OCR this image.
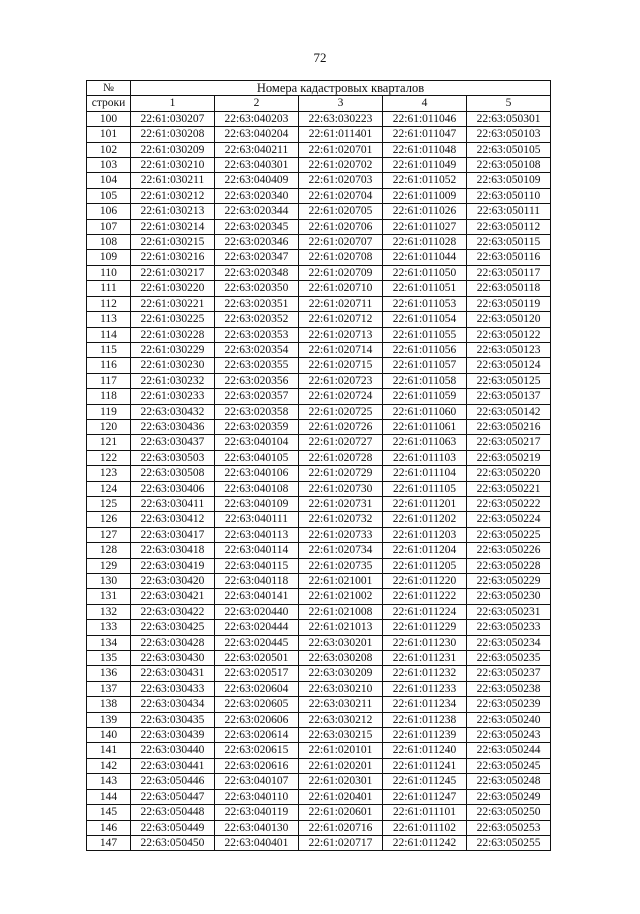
72
№	Номера кадастровых кварталов				
строки	1	2	3	4	5
100	22:61:030207	22:63:040203	22:63:030223	22:61:011046	22:63:050301
101	22:61:030208	22:63:040204	22:61:011401	22:61:011047	22:63:050103
102	22:61:030209	22:63:040211	22:61:020701	22:61:011048	22:63:050105
103	22:61:030210	22:63:040301	22:61:020702	22:61:011049	22:63:050108
104	22:61:030211	22:63:040409	22:61:020703	22:61:011052	22:63:050109
105	22:61:030212	22:63:020340	22:61:020704	22:61:011009	22:63:050110
106	22:61:030213	22:63:020344	22:61:020705	22:61:011026	22:63:050111
107	22:61:030214	22:63:020345	22:61:020706	22:61:011027	22:63:050112
108	22:61:030215	22:63:020346	22:61:020707	22:61:011028	22:63:050115
109	22:61:030216	22:63:020347	22:61:020708	22:61:011044	22:63:050116
110	22:61:030217	22:63:020348	22:61:020709	22:61:011050	22:63:050117
111	22:61:030220	22:63:020350	22:61:020710	22:61:011051	22:63:050118
112	22:61:030221	22:63:020351	22:61:020711	22:61:011053	22:63:050119
113	22:61:030225	22:63:020352	22:61:020712	22:61:011054	22:63:050120
114	22:61:030228	22:63:020353	22:61:020713	22:61:011055	22:63:050122
115	22:61:030229	22:63:020354	22:61:020714	22:61:011056	22:63:050123
116	22:61:030230	22:63:020355	22:61:020715	22:61:011057	22:63:050124
117	22:61:030232	22:63:020356	22:61:020723	22:61:011058	22:63:050125
118	22:61:030233	22:63:020357	22:61:020724	22:61:011059	22:63:050137
119	22:63:030432	22:63:020358	22:61:020725	22:61:011060	22:63:050142
120	22:63:030436	22:63:020359	22:61:020726	22:61:011061	22:63:050216
121	22:63:030437	22:63:040104	22:61:020727	22:61:011063	22:63:050217
122	22:63:030503	22:63:040105	22:61:020728	22:61:011103	22:63:050219
123	22:63:030508	22:63:040106	22:61:020729	22:61:011104	22:63:050220
124	22:63:030406	22:63:040108	22:61:020730	22:61:011105	22:63:050221
125	22:63:030411	22:63:040109	22:61:020731	22:61:011201	22:63:050222
126	22:63:030412	22:63:040111	22:61:020732	22:61:011202	22:63:050224
127	22:63:030417	22:63:040113	22:61:020733	22:61:011203	22:63:050225
128	22:63:030418	22:63:040114	22:61:020734	22:61:011204	22:63:050226
129	22:63:030419	22:63:040115	22:61:020735	22:61:011205	22:63:050228
130	22:63:030420	22:63:040118	22:61:021001	22:61:011220	22:63:050229
131	22:63:030421	22:63:040141	22:61:021002	22:61:011222	22:63:050230
132	22:63:030422	22:63:020440	22:61:021008	22:61:011224	22:63:050231
133	22:63:030425	22:63:020444	22:61:021013	22:61:011229	22:63:050233
134	22:63:030428	22:63:020445	22:63:030201	22:61:011230	22:63:050234
135	22:63:030430	22:63:020501	22:63:030208	22:61:011231	22:63:050235
136	22:63:030431	22:63:020517	22:63:030209	22:61:011232	22:63:050237
137	22:63:030433	22:63:020604	22:63:030210	22:61:011233	22:63:050238
138	22:63:030434	22:63:020605	22:63:030211	22:61:011234	22:63:050239
139	22:63:030435	22:63:020606	22:63:030212	22:61:011238	22:63:050240
140	22:63:030439	22:63:020614	22:63:030215	22:61:011239	22:63:050243
141	22:63:030440	22:63:020615	22:61:020101	22:61:011240	22:63:050244
142	22:63:030441	22:63:020616	22:61:020201	22:61:011241	22:63:050245
143	22:63:050446	22:63:040107	22:61:020301	22:61:011245	22:63:050248
144	22:63:050447	22:63:040110	22:61:020401	22:61:011247	22:63:050249
145	22:63:050448	22:63:040119	22:61:020601	22:61:011101	22:63:050250
146	22:63:050449	22:63:040130	22:61:020716	22:61:011102	22:63:050253
147	22:63:050450	22:63:040401	22:61:020717	22:61:011242	22:63:050255
